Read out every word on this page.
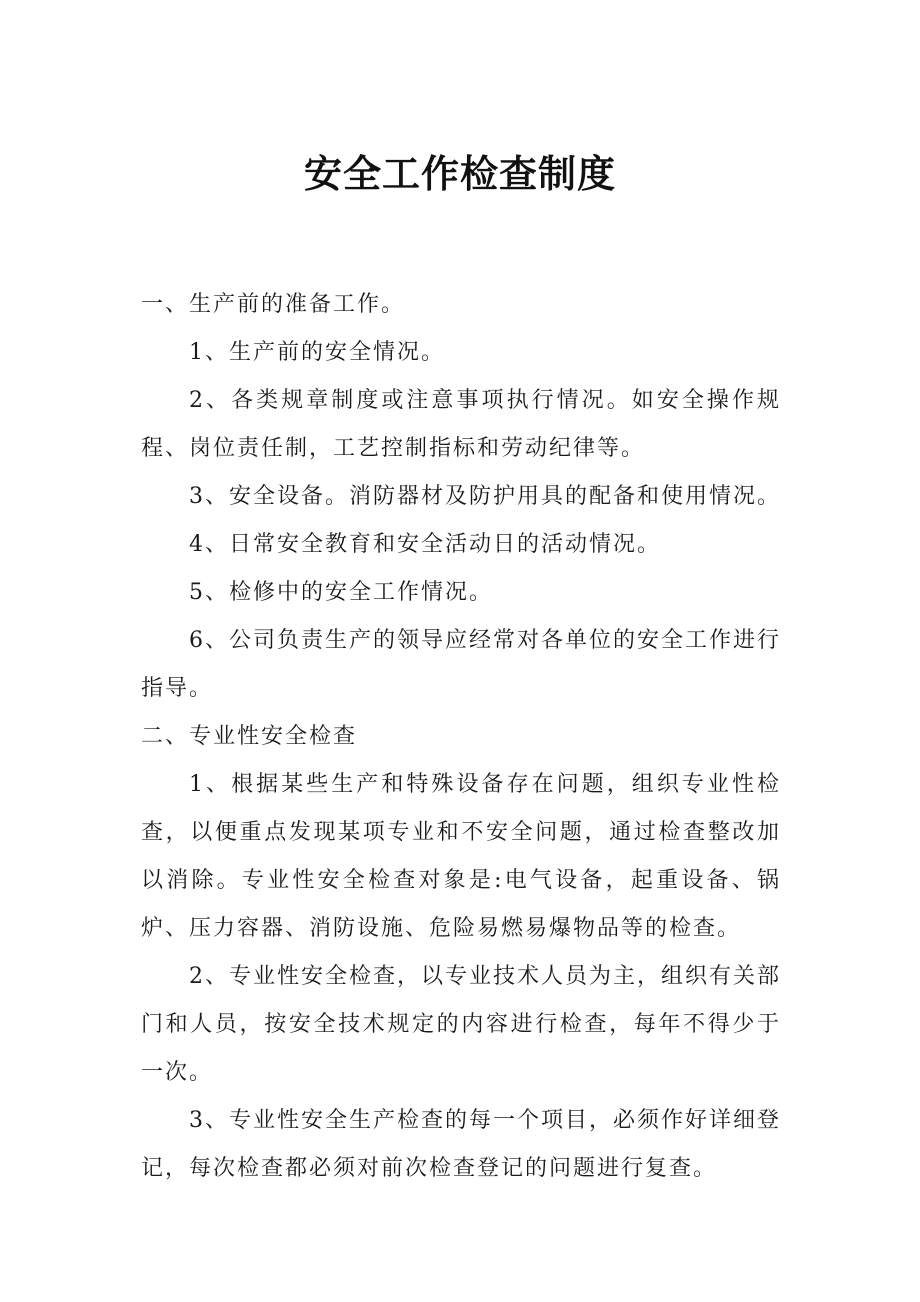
安全工作检查制度

一、生产前的准备工作。

1、生产前的安全情况。

2、各类规章制度或注意事项执行情况。如安全操作规程、岗位责任制，工艺控制指标和劳动纪律等。

3、安全设备。消防器材及防护用具的配备和使用情况。

4、日常安全教育和安全活动日的活动情况。

5、检修中的安全工作情况。

6、公司负责生产的领导应经常对各单位的安全工作进行指导。

二、专业性安全检查

1、根据某些生产和特殊设备存在问题，组织专业性检查，以便重点发现某项专业和不安全问题，通过检查整改加以消除。专业性安全检查对象是:电气设备，起重设备、锅炉、压力容器、消防设施、危险易燃易爆物品等的检查。

2、专业性安全检查，以专业技术人员为主，组织有关部门和人员，按安全技术规定的内容进行检查，每年不得少于一次。

3、专业性安全生产检查的每一个项目，必须作好详细登记，每次检查都必须对前次检查登记的问题进行复查。
